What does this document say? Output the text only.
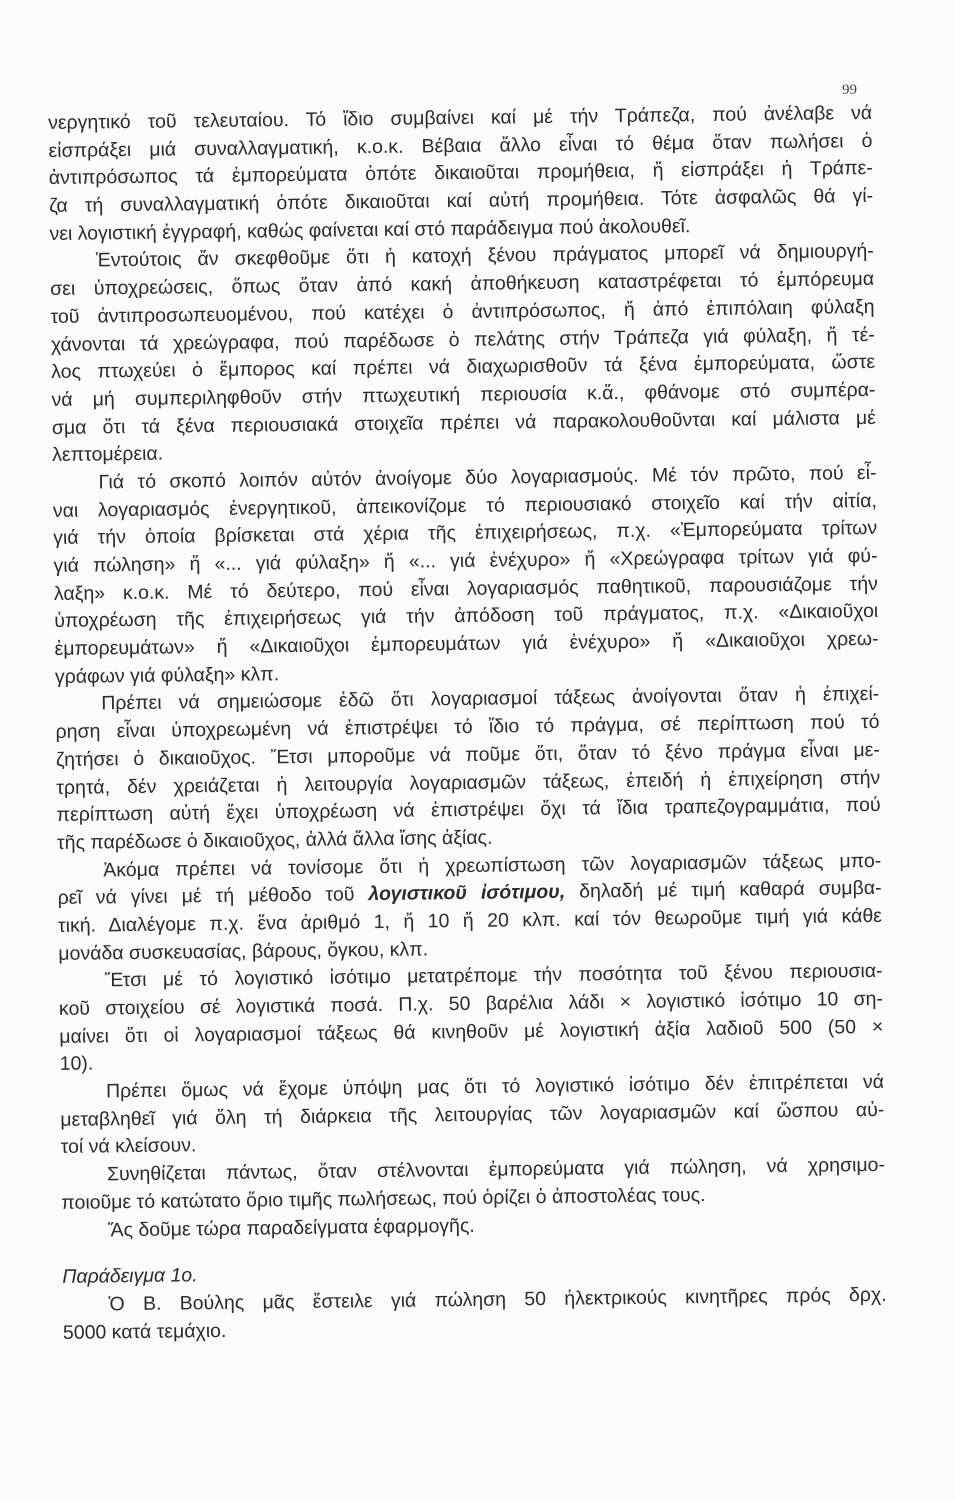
99
νεργητικό τοῦ τελευταίου. Τό ἴδιο συμβαίνει καί μέ τήν Τράπεζα, πού ἀνέλαβε νά
εἰσπράξει μιά συναλλαγματική, κ.ο.κ. Βέβαια ἄλλο εἶναι τό θέμα ὅταν πωλήσει ὁ
ἀντιπρόσωπος τά ἐμπορεύματα ὁπότε δικαιοῦται προμήθεια, ἤ εἰσπράξει ἡ Τράπε-
ζα τή συναλλαγματική ὁπότε δικαιοῦται καί αὐτή προμήθεια. Τότε ἀσφαλῶς θά γί-
νει λογιστική ἐγγραφή, καθώς φαίνεται καί στό παράδειγμα πού ἀκολουθεῖ.
Ἐντούτοις ἄν σκεφθοῦμε ὅτι ἡ κατοχή ξένου πράγματος μπορεῖ νά δημιουργή-
σει ὑποχρεώσεις, ὅπως ὅταν ἀπό κακή ἀποθήκευση καταστρέφεται τό ἐμπόρευμα
τοῦ ἀντιπροσωπευομένου, πού κατέχει ὁ ἀντιπρόσωπος, ἤ ἀπό ἐπιπόλαιη φύλαξη
χάνονται τά χρεώγραφα, πού παρέδωσε ὁ πελάτης στήν Τράπεζα γιά φύλαξη, ἤ τέ-
λος πτωχεύει ὁ ἔμπορος καί πρέπει νά διαχωρισθοῦν τά ξένα ἐμπορεύματα, ὥστε
νά μή συμπεριληφθοῦν στήν πτωχευτική περιουσία κ.ἄ., φθάνομε στό συμπέρα-
σμα ὅτι τά ξένα περιουσιακά στοιχεῖα πρέπει νά παρακολουθοῦνται καί μάλιστα μέ
λεπτομέρεια.
Γιά τό σκοπό λοιπόν αὐτόν ἀνοίγομε δύο λογαριασμούς. Μέ τόν πρῶτο, πού εἶ-
ναι λογαριασμός ἐνεργητικοῦ, ἀπεικονίζομε τό περιουσιακό στοιχεῖο καί τήν αἰτία,
γιά τήν ὁποία βρίσκεται στά χέρια τῆς ἐπιχειρήσεως, π.χ. «Ἐμπορεύματα τρίτων
γιά πώληση» ἤ «... γιά φύλαξη» ἤ «... γιά ἐνέχυρο» ἤ «Χρεώγραφα τρίτων γιά φύ-
λαξη» κ.ο.κ. Μέ τό δεύτερο, πού εἶναι λογαριασμός παθητικοῦ, παρουσιάζομε τήν
ὑποχρέωση τῆς ἐπιχειρήσεως γιά τήν ἀπόδοση τοῦ πράγματος, π.χ. «Δικαιοῦχοι
ἐμπορευμάτων» ἤ «Δικαιοῦχοι ἐμπορευμάτων γιά ἐνέχυρο» ἤ «Δικαιοῦχοι χρεω-
γράφων γιά φύλαξη» κλπ.
Πρέπει νά σημειώσομε ἐδῶ ὅτι λογαριασμοί τάξεως ἀνοίγονται ὅταν ἡ ἐπιχεί-
ρηση εἶναι ὑποχρεωμένη νά ἐπιστρέψει τό ἴδιο τό πράγμα, σέ περίπτωση πού τό
ζητήσει ὁ δικαιοῦχος. Ἔτσι μποροῦμε νά ποῦμε ὅτι, ὅταν τό ξένο πράγμα εἶναι με-
τρητά, δέν χρειάζεται ἡ λειτουργία λογαριασμῶν τάξεως, ἐπειδή ἡ ἐπιχείρηση στήν
περίπτωση αὐτή ἔχει ὑποχρέωση νά ἐπιστρέψει ὄχι τά ἴδια τραπεζογραμμάτια, πού
τῆς παρέδωσε ὁ δικαιοῦχος, ἀλλά ἄλλα ἴσης ἀξίας.
Ἀκόμα πρέπει νά τονίσομε ὅτι ἡ χρεωπίστωση τῶν λογαριασμῶν τάξεως μπο-
ρεῖ νά γίνει μέ τή μέθοδο τοῦ λογιστικοῦ ἰσότιμου, δηλαδή μέ τιμή καθαρά συμβα-
τική. Διαλέγομε π.χ. ἕνα ἀριθμό 1, ἤ 10 ἤ 20 κλπ. καί τόν θεωροῦμε τιμή γιά κάθε
μονάδα συσκευασίας, βάρους, ὄγκου, κλπ.
Ἔτσι μέ τό λογιστικό ἰσότιμο μετατρέπομε τήν ποσότητα τοῦ ξένου περιουσια-
κοῦ στοιχείου σέ λογιστικά ποσά. Π.χ. 50 βαρέλια λάδι × λογιστικό ἰσότιμο 10 ση-
μαίνει ὅτι οἱ λογαριασμοί τάξεως θά κινηθοῦν μέ λογιστική ἀξία λαδιοῦ 500 (50 ×
10).
Πρέπει ὅμως νά ἔχομε ὑπόψη μας ὅτι τό λογιστικό ἰσότιμο δέν ἐπιτρέπεται νά
μεταβληθεῖ γιά ὅλη τή διάρκεια τῆς λειτουργίας τῶν λογαριασμῶν καί ὥσπου αὐ-
τοί νά κλείσουν.
Συνηθίζεται πάντως, ὅταν στέλνονται ἐμπορεύματα γιά πώληση, νά χρησιμο-
ποιοῦμε τό κατώτατο ὅριο τιμῆς πωλήσεως, πού ὁρίζει ὁ ἀποστολέας τους.
Ἄς δοῦμε τώρα παραδείγματα ἐφαρμογῆς.
Παράδειγμα 1ο.
Ὁ Β. Βούλης μᾶς ἔστειλε γιά πώληση 50 ἠλεκτρικούς κινητῆρες πρός δρχ.
5000 κατά τεμάχιο.
